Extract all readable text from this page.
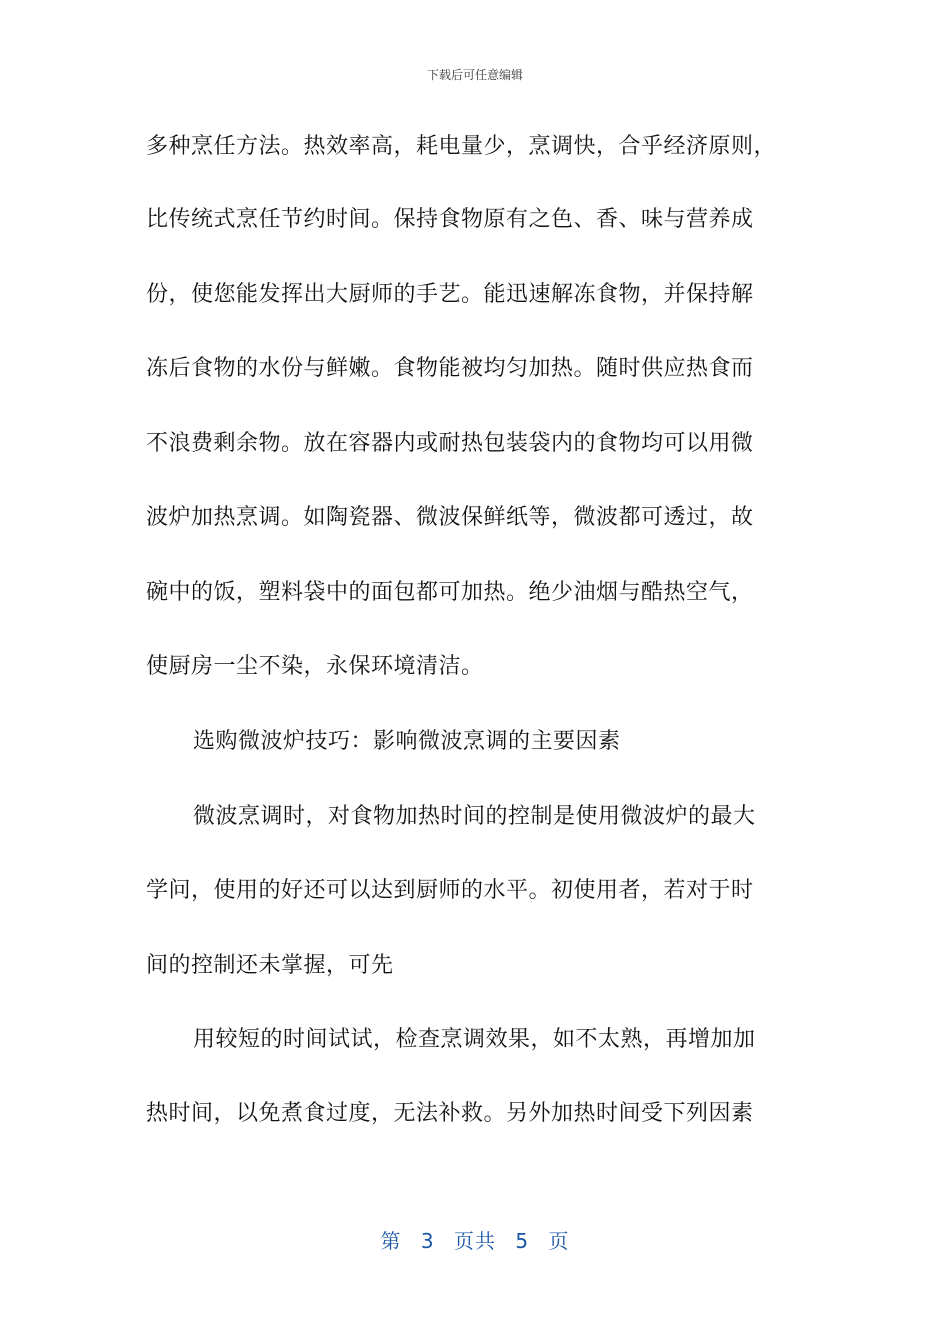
下载后可任意编辑
多种烹任方法。热效率高，耗电量少，烹调快，合乎经济原则，
比传统式烹任节约时间。保持食物原有之色、香、味与营养成
份，使您能发挥出大厨师的手艺。能迅速解冻食物，并保持解
冻后食物的水份与鲜嫩。食物能被均匀加热。随时供应热食而
不浪费剩余物。放在容器内或耐热包装袋内的食物均可以用微
波炉加热烹调。如陶瓷器、微波保鲜纸等，微波都可透过，故
碗中的饭，塑料袋中的面包都可加热。绝少油烟与酷热空气，
使厨房一尘不染，永保环境清洁。
选购微波炉技巧：影响微波烹调的主要因素
微波烹调时，对食物加热时间的控制是使用微波炉的最大
学问，使用的好还可以达到厨师的水平。初使用者，若对于时
间的控制还未掌握，可先
用较短的时间试试，检查烹调效果，如不太熟，再增加加
热时间，以免煮食过度，无法补救。另外加热时间受下列因素
第 3 页共 5 页
